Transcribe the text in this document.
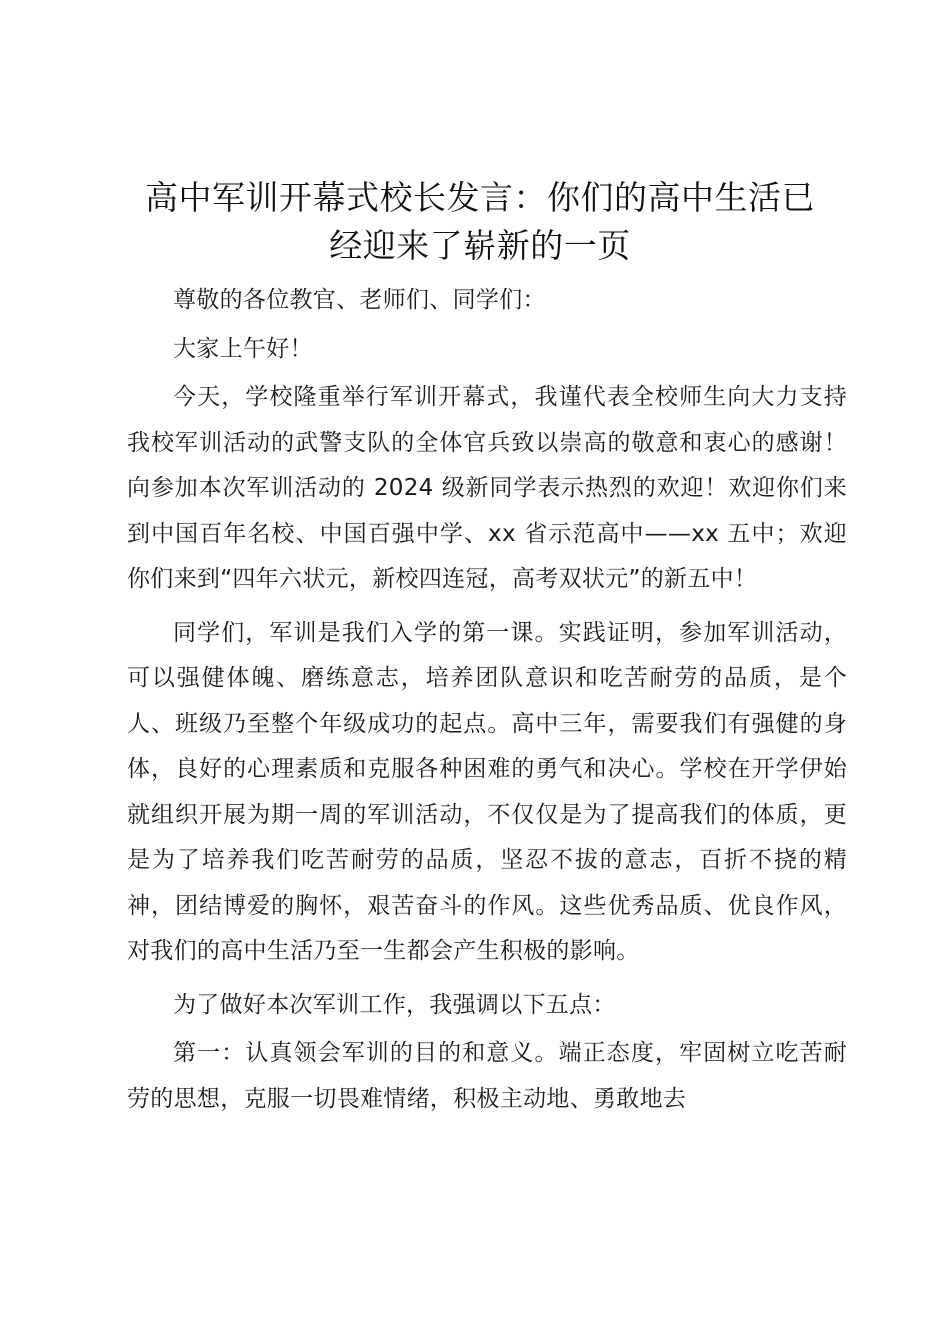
高中军训开幕式校长发言：你们的高中生活已
经迎来了崭新的一页

尊敬的各位教官、老师们、同学们：

大家上午好！

今天，学校隆重举行军训开幕式，我谨代表全校师生向大力支持我校军训活动的武警支队的全体官兵致以崇高的敬意和衷心的感谢！向参加本次军训活动的 2024 级新同学表示热烈的欢迎！欢迎你们来到中国百年名校、中国百强中学、xx 省示范高中——xx 五中；欢迎你们来到“四年六状元，新校四连冠，高考双状元”的新五中！

同学们，军训是我们入学的第一课。实践证明，参加军训活动，可以强健体魄、磨练意志，培养团队意识和吃苦耐劳的品质，是个人、班级乃至整个年级成功的起点。高中三年，需要我们有强健的身体，良好的心理素质和克服各种困难的勇气和决心。学校在开学伊始就组织开展为期一周的军训活动，不仅仅是为了提高我们的体质，更是为了培养我们吃苦耐劳的品质，坚忍不拔的意志，百折不挠的精神，团结博爱的胸怀，艰苦奋斗的作风。这些优秀品质、优良作风，对我们的高中生活乃至一生都会产生积极的影响。

为了做好本次军训工作，我强调以下五点：

第一：认真领会军训的目的和意义。端正态度，牢固树立吃苦耐劳的思想，克服一切畏难情绪，积极主动地、勇敢地去
